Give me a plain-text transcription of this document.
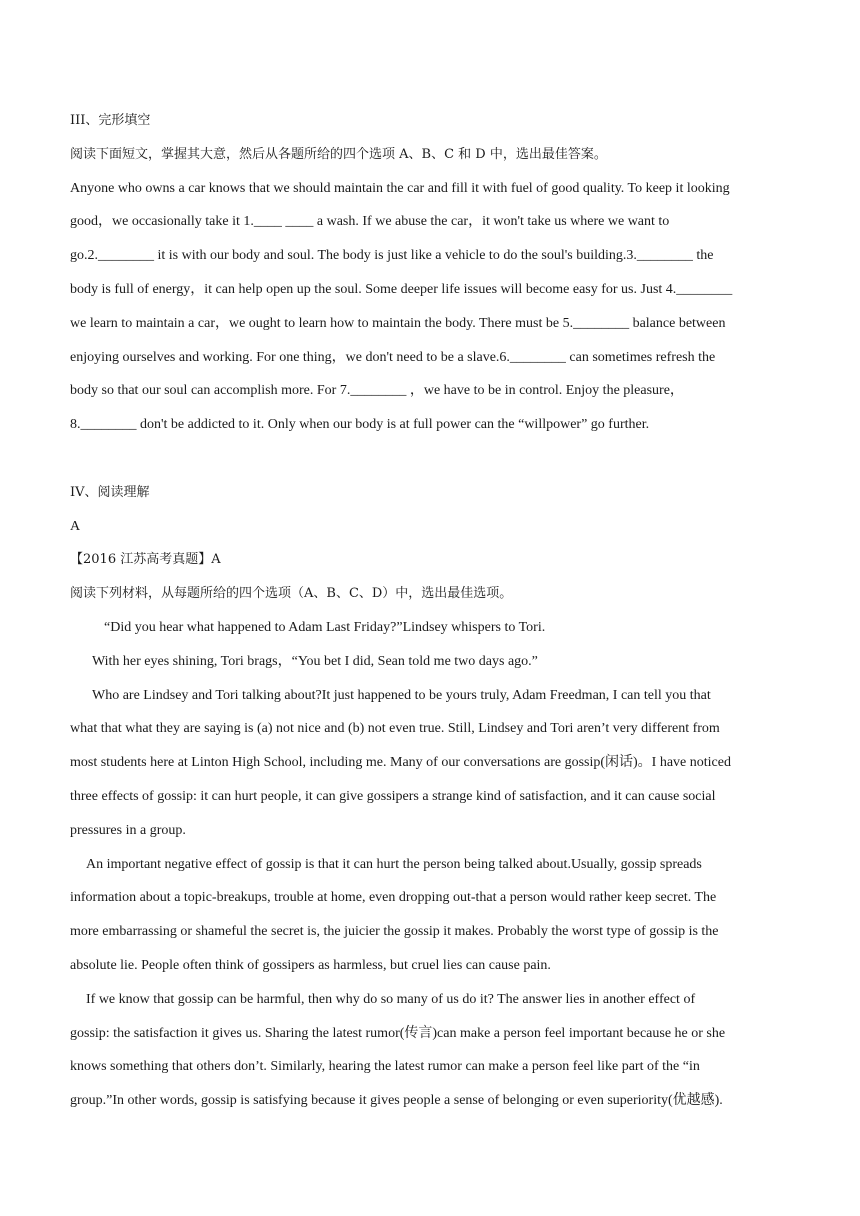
III、完形填空
阅读下面短文，掌握其大意，然后从各题所给的四个选项 A、B、C 和 D 中，选出最佳答案。
Anyone who owns a car knows that we should maintain the car and fill it with fuel of good quality. To keep it looking
good，we occasionally take it 1.____ ____ a wash. If we abuse the car，it won't take us where we want to
go.2.________ it is with our body and soul. The body is just like a vehicle to do the soul's building.3.________ the
body is full of energy，it can help open up the soul. Some deeper life issues will become easy for us. Just 4.________
we learn to maintain a car，we ought to learn how to maintain the body. There must be 5.________ balance between
enjoying ourselves and working. For one thing，we don't need to be a slave.6.________ can sometimes refresh the
body so that our soul can accomplish more. For 7.________ ，we have to be in control. Enjoy the pleasure，
8.________ don't be addicted to it. Only when our body is at full power can the “willpower” go further.
IV、阅读理解
A
【2016 江苏高考真题】A
阅读下列材料，从每题所给的四个选项（A、B、C、D）中，选出最佳选项。
“Did you hear what happened to Adam Last Friday?”Lindsey whispers to Tori.
With her eyes shining, Tori brags，“You bet I did, Sean told me two days ago.”
Who are Lindsey and Tori talking about?It just happened to be yours truly, Adam Freedman, I can tell you that
what that what they are saying is (a) not nice and (b) not even true. Still, Lindsey and Tori aren’t very different from
most students here at Linton High School, including me. Many of our conversations are gossip(闲话)。I have noticed
three effects of gossip: it can hurt people, it can give gossipers a strange kind of satisfaction, and it can cause social
pressures in a group.
An important negative effect of gossip is that it can hurt the person being talked about.Usually, gossip spreads
information about a topic-breakups, trouble at home, even dropping out-that a person would rather keep secret. The
more embarrassing or shameful the secret is, the juicier the gossip it makes. Probably the worst type of gossip is the
absolute lie. People often think of gossipers as harmless, but cruel lies can cause pain.
If we know that gossip can be harmful, then why do so many of us do it? The answer lies in another effect of
gossip: the satisfaction it gives us. Sharing the latest rumor(传言)can make a person feel important because he or she
knows something that others don’t. Similarly, hearing the latest rumor can make a person feel like part of the “in
group.”In other words, gossip is satisfying because it gives people a sense of belonging or even superiority(优越感).
